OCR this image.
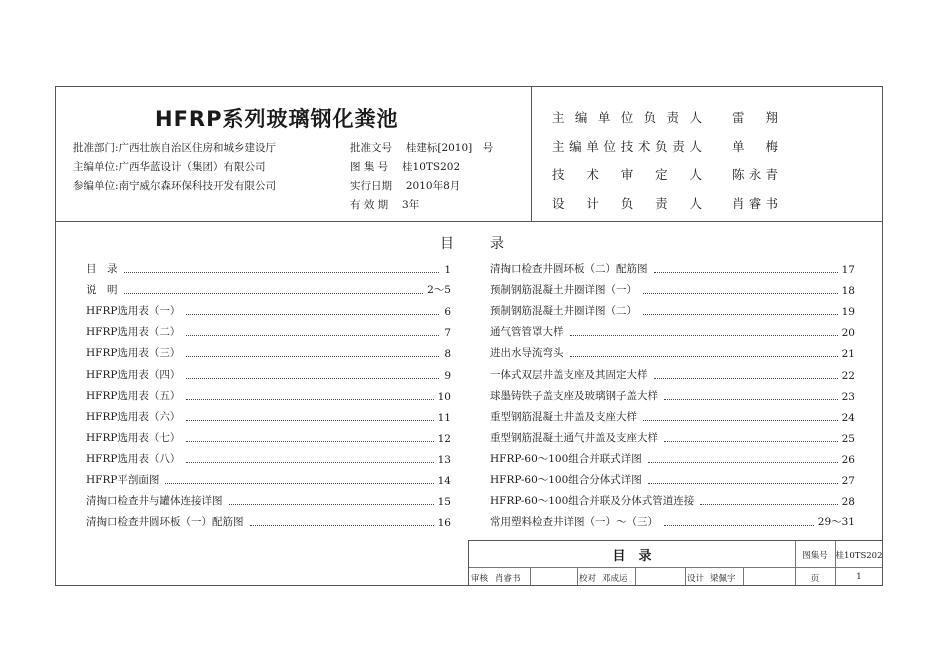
HFRP系列玻璃钢化粪池
批准部门:广西壮族自治区住房和城乡建设厅
主编单位:广西华蓝设计（集团）有限公司
参编单位:南宁威尔森环保科技开发有限公司
批准文号　 桂建标[2010]　号
图 集 号　 桂10TS202
实行日期　 2010年8月
有 效 期　 3年
主 编 单 位 负 责 人 雷 翔
主 编 单 位 技 术 负 责 人 单 梅
技 术 审 定 人 陈 永 青
设 计 负 责 人 肖 睿 书
目	录
目　录	1
说　明	2～5
HFRP选用表（一）	6
HFRP选用表（二）	7
HFRP选用表（三）	8
HFRP选用表（四）	9
HFRP选用表（五）	10
HFRP选用表（六）	11
HFRP选用表（七）	12
HFRP选用表（八）	13
HFRP平剖面图	14
清掏口检查井与罐体连接详图	15
清掏口检查井圆环板（一）配筋图	16
清掏口检查井圆环板（二）配筋图	17
预制钢筋混凝土井圈详图（一）	18
预制钢筋混凝土井圈详图（二）	19
通气管管罩大样	20
进出水导流弯头	21
一体式双层井盖支座及其固定大样	22
球墨铸铁子盖支座及玻璃钢子盖大样	23
重型钢筋混凝土井盖及支座大样	24
重型钢筋混凝土通气井盖及支座大样	25
HFRP-60～100组合并联式详图	26
HFRP-60～100组合分体式详图	27
HFRP-60～100组合并联及分体式管道连接	28
常用塑料检查井详图（一）～（三）	29～31
目　录	图集号 桂10TS202
审核 肖睿书	校对 邓成运	设计 梁佩宇	页	1
